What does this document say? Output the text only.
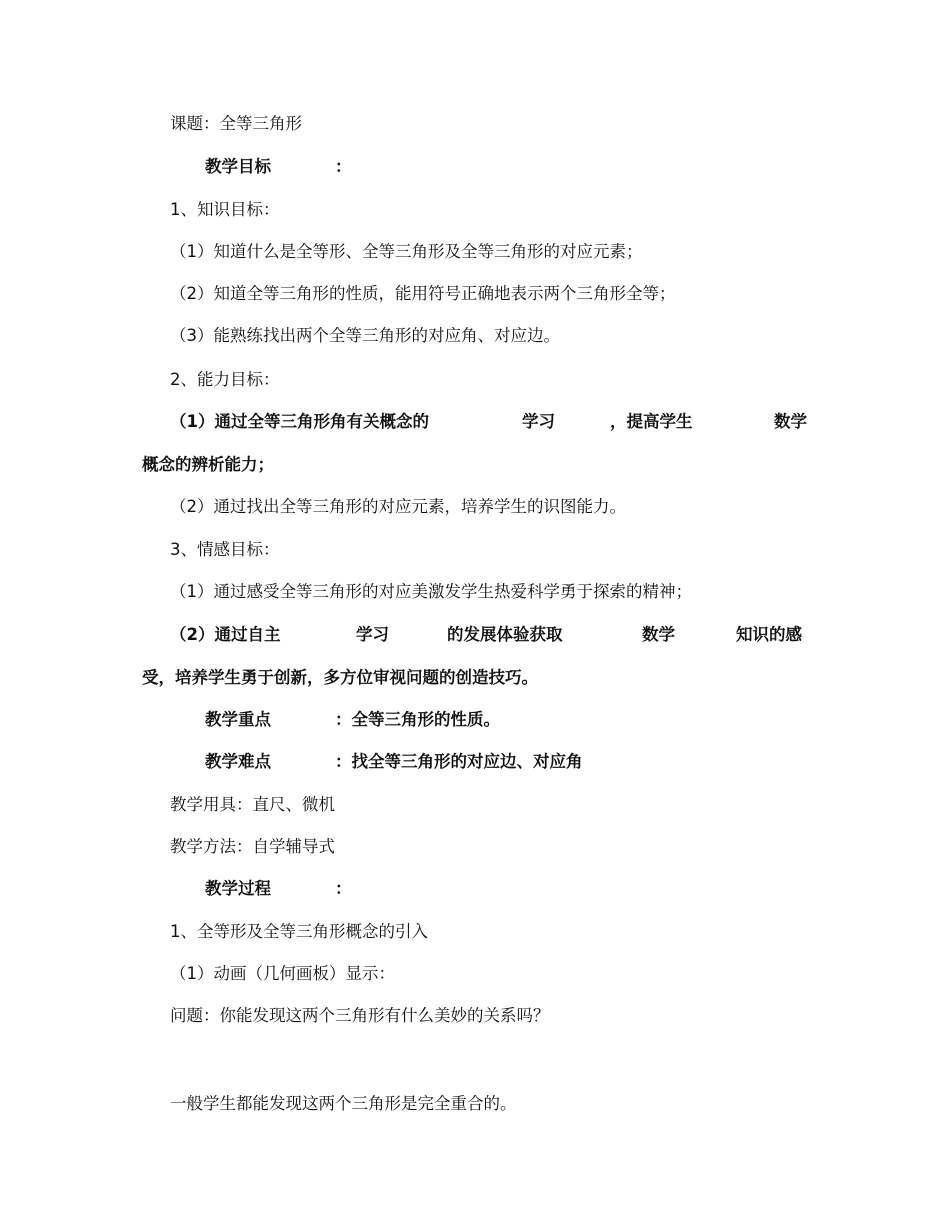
课题：全等三角形
教学目标	：
1、知识目标：
（1）知道什么是全等形、全等三角形及全等三角形的对应元素；
（2）知道全等三角形的性质，能用符号正确地表示两个三角形全等；
（3）能熟练找出两个全等三角形的对应角、对应边。
2、能力目标：
（1）通过全等三角形角有关概念的	学习	，提高学生	数学
概念的辨析能力；
（2）通过找出全等三角形的对应元素，培养学生的识图能力。
3、情感目标：
（1）通过感受全等三角形的对应美激发学生热爱科学勇于探索的精神；
（2）通过自主	学习	的发展体验获取	数学	知识的感
受，培养学生勇于创新，多方位审视问题的创造技巧。
教学重点	：全等三角形的性质。
教学难点	：找全等三角形的对应边、对应角
教学用具：直尺、微机
教学方法：自学辅导式
教学过程	：
1、全等形及全等三角形概念的引入
（1）动画（几何画板）显示：
问题：你能发现这两个三角形有什么美妙的关系吗？
一般学生都能发现这两个三角形是完全重合的。
